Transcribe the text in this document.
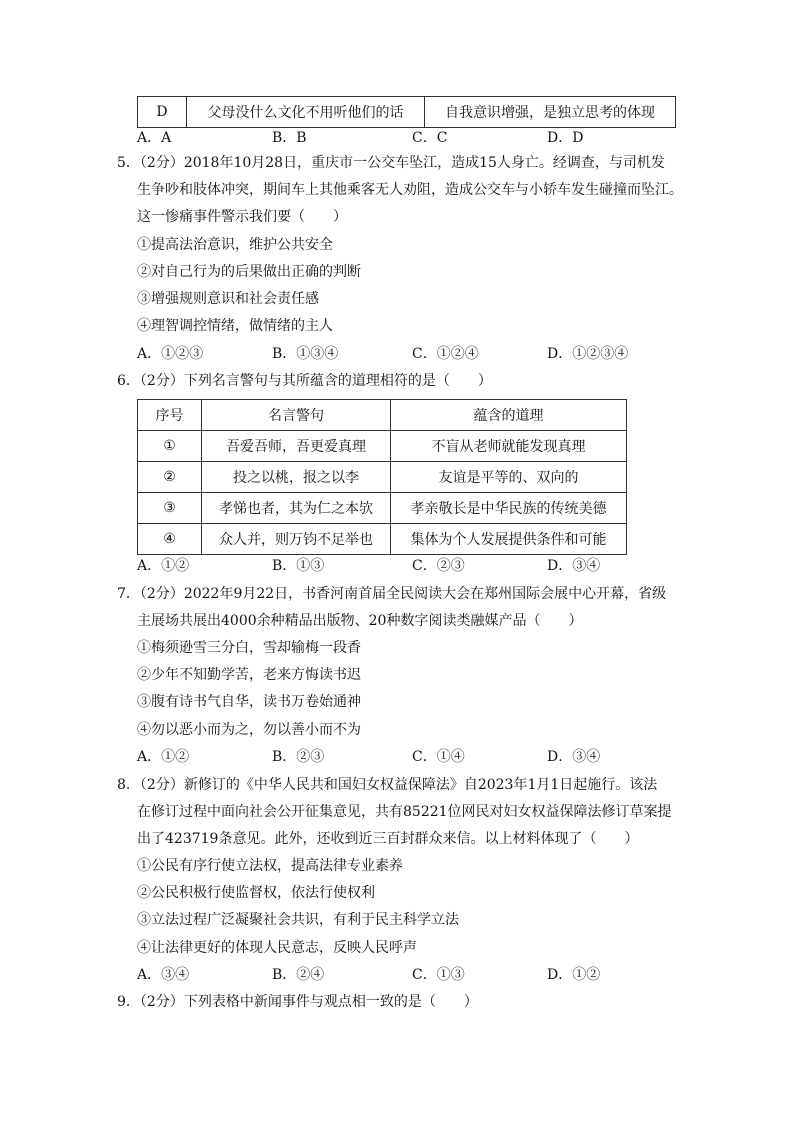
D	父母没什么文化不用听他们的话	自我意识增强，是独立思考的体现
A．A	B．B	C．C	D．D
5．（2分）2018年10月28日，重庆市一公交车坠江，造成15人身亡。经调查，与司机发
生争吵和肢体冲突，期间车上其他乘客无人劝阻，造成公交车与小轿车发生碰撞而坠江。
这一惨痛事件警示我们要（　　）
①提高法治意识，维护公共安全
②对自己行为的后果做出正确的判断
③增强规则意识和社会责任感
④理智调控情绪，做情绪的主人
A．①②③	B．①③④	C．①②④	D．①②③④
6．（2分）下列名言警句与其所蕴含的道理相符的是（　　）
序号	名言警句	蕴含的道理
①	吾爱吾师，吾更爱真理	不盲从老师就能发现真理
②	投之以桃，报之以李	友谊是平等的、双向的
③	孝悌也者，其为仁之本欤	孝亲敬长是中华民族的传统美德
④	众人并，则万钧不足举也	集体为个人发展提供条件和可能
A．①②	B．①③	C．②③	D．③④
7．（2分）2022年9月22日，书香河南首届全民阅读大会在郑州国际会展中心开幕，省级
主展场共展出4000余种精品出版物、20种数字阅读类融媒产品（　　）
①梅须逊雪三分白，雪却输梅一段香
②少年不知勤学苦，老来方悔读书迟
③腹有诗书气自华，读书万卷始通神
④勿以恶小而为之，勿以善小而不为
A．①②	B．②③	C．①④	D．③④
8．（2分）新修订的《中华人民共和国妇女权益保障法》自2023年1月1日起施行。该法
在修订过程中面向社会公开征集意见，共有85221位网民对妇女权益保障法修订草案提
出了423719条意见。此外，还收到近三百封群众来信。以上材料体现了（　　）
①公民有序行使立法权，提高法律专业素养
②公民积极行使监督权，依法行使权利
③立法过程广泛凝聚社会共识，有利于民主科学立法
④让法律更好的体现人民意志，反映人民呼声
A．③④	B．②④	C．①③	D．①②
9．（2分）下列表格中新闻事件与观点相一致的是（　　）
